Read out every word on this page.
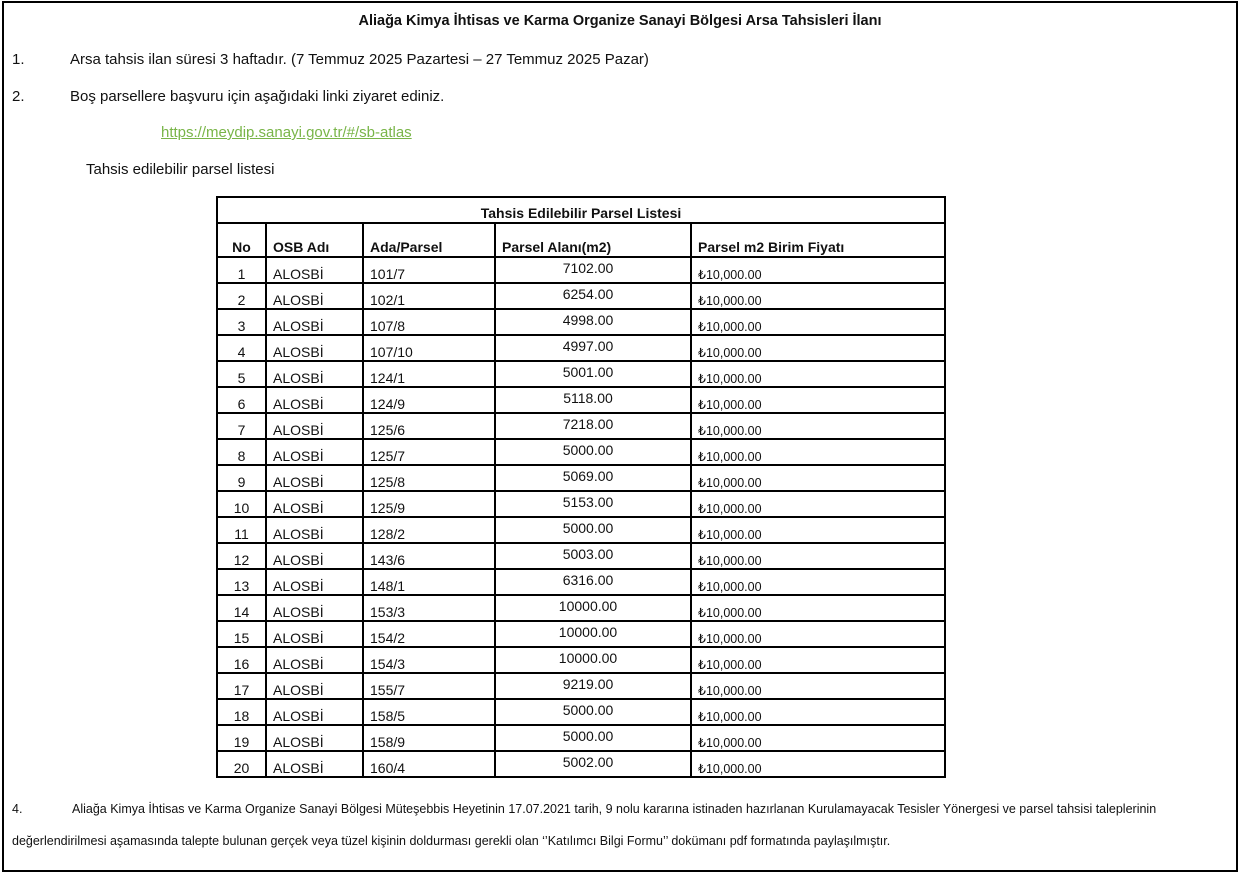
Aliağa Kimya İhtisas ve Karma Organize Sanayi Bölgesi Arsa Tahsisleri İlanı
1.	Arsa tahsis ilan süresi 3 haftadır. (7 Temmuz 2025 Pazartesi – 27 Temmuz 2025 Pazar)
2.	Boş parsellere başvuru için aşağıdaki linki ziyaret ediniz.
https://meydip.sanayi.gov.tr/#/sb-atlas
Tahsis edilebilir parsel listesi
Tahsis Edilebilir Parsel Listesi				
No	OSB Adı	Ada/Parsel	Parsel Alanı(m2)	Parsel m2 Birim Fiyatı
1	ALOSBİ	101/7	7102.00	₺10,000.00
2	ALOSBİ	102/1	6254.00	₺10,000.00
3	ALOSBİ	107/8	4998.00	₺10,000.00
4	ALOSBİ	107/10	4997.00	₺10,000.00
5	ALOSBİ	124/1	5001.00	₺10,000.00
6	ALOSBİ	124/9	5118.00	₺10,000.00
7	ALOSBİ	125/6	7218.00	₺10,000.00
8	ALOSBİ	125/7	5000.00	₺10,000.00
9	ALOSBİ	125/8	5069.00	₺10,000.00
10	ALOSBİ	125/9	5153.00	₺10,000.00
11	ALOSBİ	128/2	5000.00	₺10,000.00
12	ALOSBİ	143/6	5003.00	₺10,000.00
13	ALOSBİ	148/1	6316.00	₺10,000.00
14	ALOSBİ	153/3	10000.00	₺10,000.00
15	ALOSBİ	154/2	10000.00	₺10,000.00
16	ALOSBİ	154/3	10000.00	₺10,000.00
17	ALOSBİ	155/7	9219.00	₺10,000.00
18	ALOSBİ	158/5	5000.00	₺10,000.00
19	ALOSBİ	158/9	5000.00	₺10,000.00
20	ALOSBİ	160/4	5002.00	₺10,000.00
4.	Aliağa Kimya İhtisas ve Karma Organize Sanayi Bölgesi Müteşebbis Heyetinin 17.07.2021 tarih, 9 nolu kararına istinaden hazırlanan Kurulamayacak Tesisler Yönergesi ve parsel tahsisi taleplerinin
değerlendirilmesi aşamasında talepte bulunan gerçek veya tüzel kişinin doldurması gerekli olan ‘’Katılımcı Bilgi Formu’’ dokümanı pdf formatında paylaşılmıştır.
